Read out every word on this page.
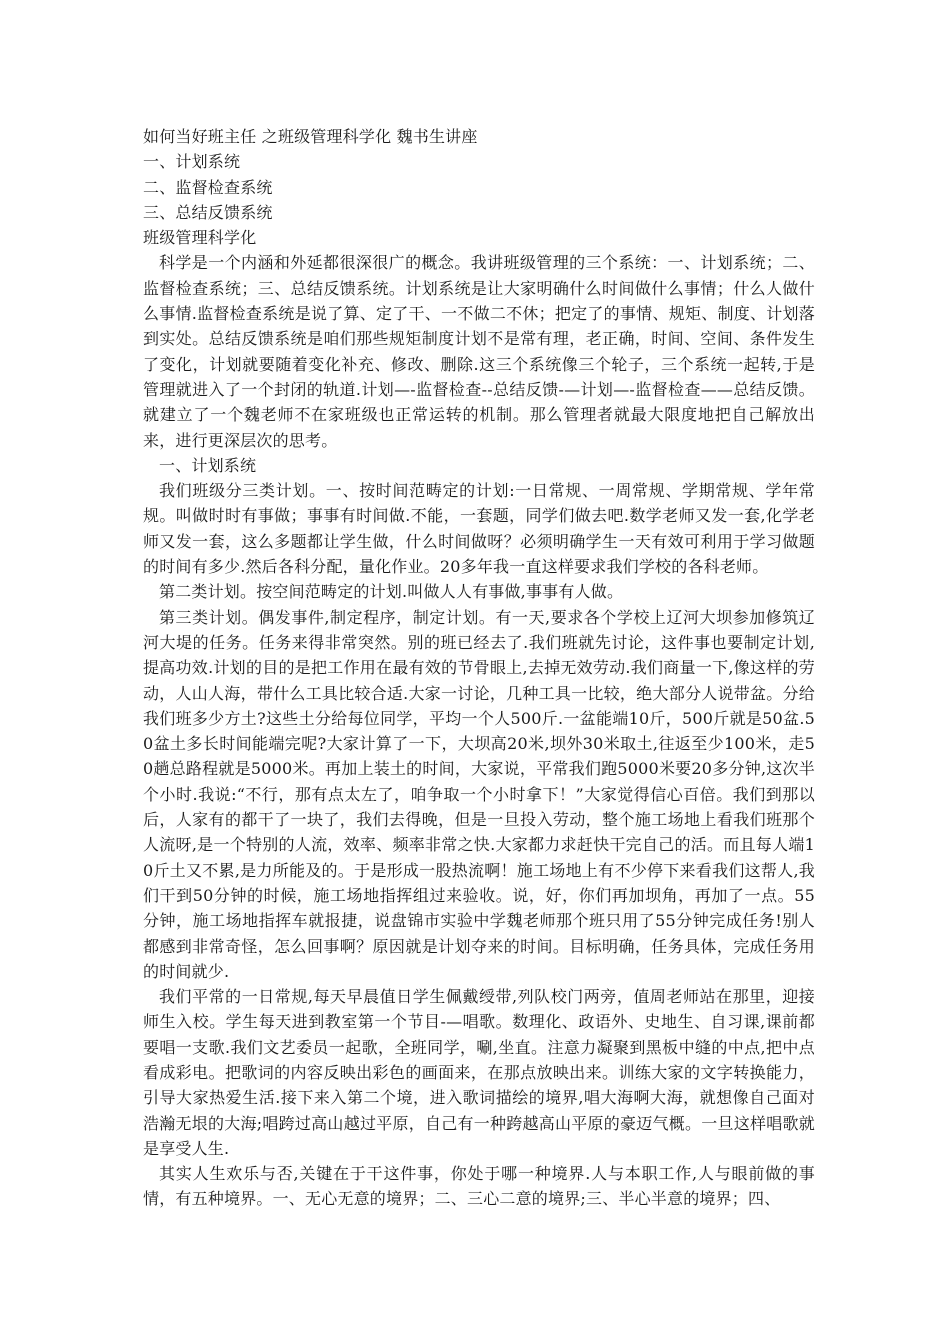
如何当好班主任 之班级管理科学化 魏书生讲座

一、计划系统

二、监督检查系统

三、总结反馈系统

班级管理科学化

科学是一个内涵和外延都很深很广的概念。我讲班级管理的三个系统：一、计划系统；二、监督检查系统；三、总结反馈系统。计划系统是让大家明确什么时间做什么事情；什么人做什么事情.监督检查系统是说了算、定了干、一不做二不休；把定了的事情、规矩、制度、计划落到实处。总结反馈系统是咱们那些规矩制度计划不是常有理，老正确，时间、空间、条件发生了变化，计划就要随着变化补充、修改、删除.这三个系统像三个轮子，三个系统一起转,于是管理就进入了一个封闭的轨道.计划—-监督检查--总结反馈-—计划—-监督检查——总结反馈。就建立了一个魏老师不在家班级也正常运转的机制。那么管理者就最大限度地把自己解放出来，进行更深层次的思考。

一、计划系统

我们班级分三类计划。一、按时间范畴定的计划:一日常规、一周常规、学期常规、学年常规。叫做时时有事做；事事有时间做.不能，一套题，同学们做去吧.数学老师又发一套,化学老师又发一套，这么多题都让学生做，什么时间做呀？必须明确学生一天有效可利用于学习做题的时间有多少.然后各科分配，量化作业。20多年我一直这样要求我们学校的各科老师。

第二类计划。按空间范畴定的计划.叫做人人有事做,事事有人做。

第三类计划。偶发事件,制定程序，制定计划。有一天,要求各个学校上辽河大坝参加修筑辽河大堤的任务。任务来得非常突然。别的班已经去了.我们班就先讨论，这件事也要制定计划,提高功效.计划的目的是把工作用在最有效的节骨眼上,去掉无效劳动.我们商量一下,像这样的劳动，人山人海，带什么工具比较合适.大家一讨论，几种工具一比较，绝大部分人说带盆。分给我们班多少方土?这些土分给每位同学，平均一个人500斤.一盆能端10斤，500斤就是50盆.50盆土多长时间能端完呢?大家计算了一下，大坝高20米,坝外30米取土,往返至少100米，走50趟总路程就是5000米。再加上装土的时间，大家说，平常我们跑5000米要20多分钟,这次半个小时.我说:“不行，那有点太左了，咱争取一个小时拿下！”大家觉得信心百倍。我们到那以后，人家有的都干了一块了，我们去得晚，但是一旦投入劳动，整个施工场地上看我们班那个人流呀,是一个特别的人流，效率、频率非常之快.大家都力求赶快干完自己的活。而且每人端10斤土又不累,是力所能及的。于是形成一股热流啊！施工场地上有不少停下来看我们这帮人,我们干到50分钟的时候，施工场地指挥组过来验收。说，好，你们再加坝角，再加了一点。55分钟，施工场地指挥车就报捷，说盘锦市实验中学魏老师那个班只用了55分钟完成任务!别人都感到非常奇怪，怎么回事啊？原因就是计划夺来的时间。目标明确，任务具体，完成任务用的时间就少.

我们平常的一日常规,每天早晨值日学生佩戴绶带,列队校门两旁，值周老师站在那里，迎接师生入校。学生每天进到教室第一个节目-—唱歌。数理化、政语外、史地生、自习课,课前都要唱一支歌.我们文艺委员一起歌，全班同学，唰,坐直。注意力凝聚到黑板中缝的中点,把中点看成彩电。把歌词的内容反映出彩色的画面来，在那点放映出来。训练大家的文字转换能力，引导大家热爱生活.接下来入第二个境，进入歌词描绘的境界,唱大海啊大海，就想像自己面对浩瀚无垠的大海;唱跨过高山越过平原，自己有一种跨越高山平原的豪迈气概。一旦这样唱歌就是享受人生.

其实人生欢乐与否,关键在于干这件事，你处于哪一种境界.人与本职工作,人与眼前做的事情，有五种境界。一、无心无意的境界；二、三心二意的境界;三、半心半意的境界；四、
